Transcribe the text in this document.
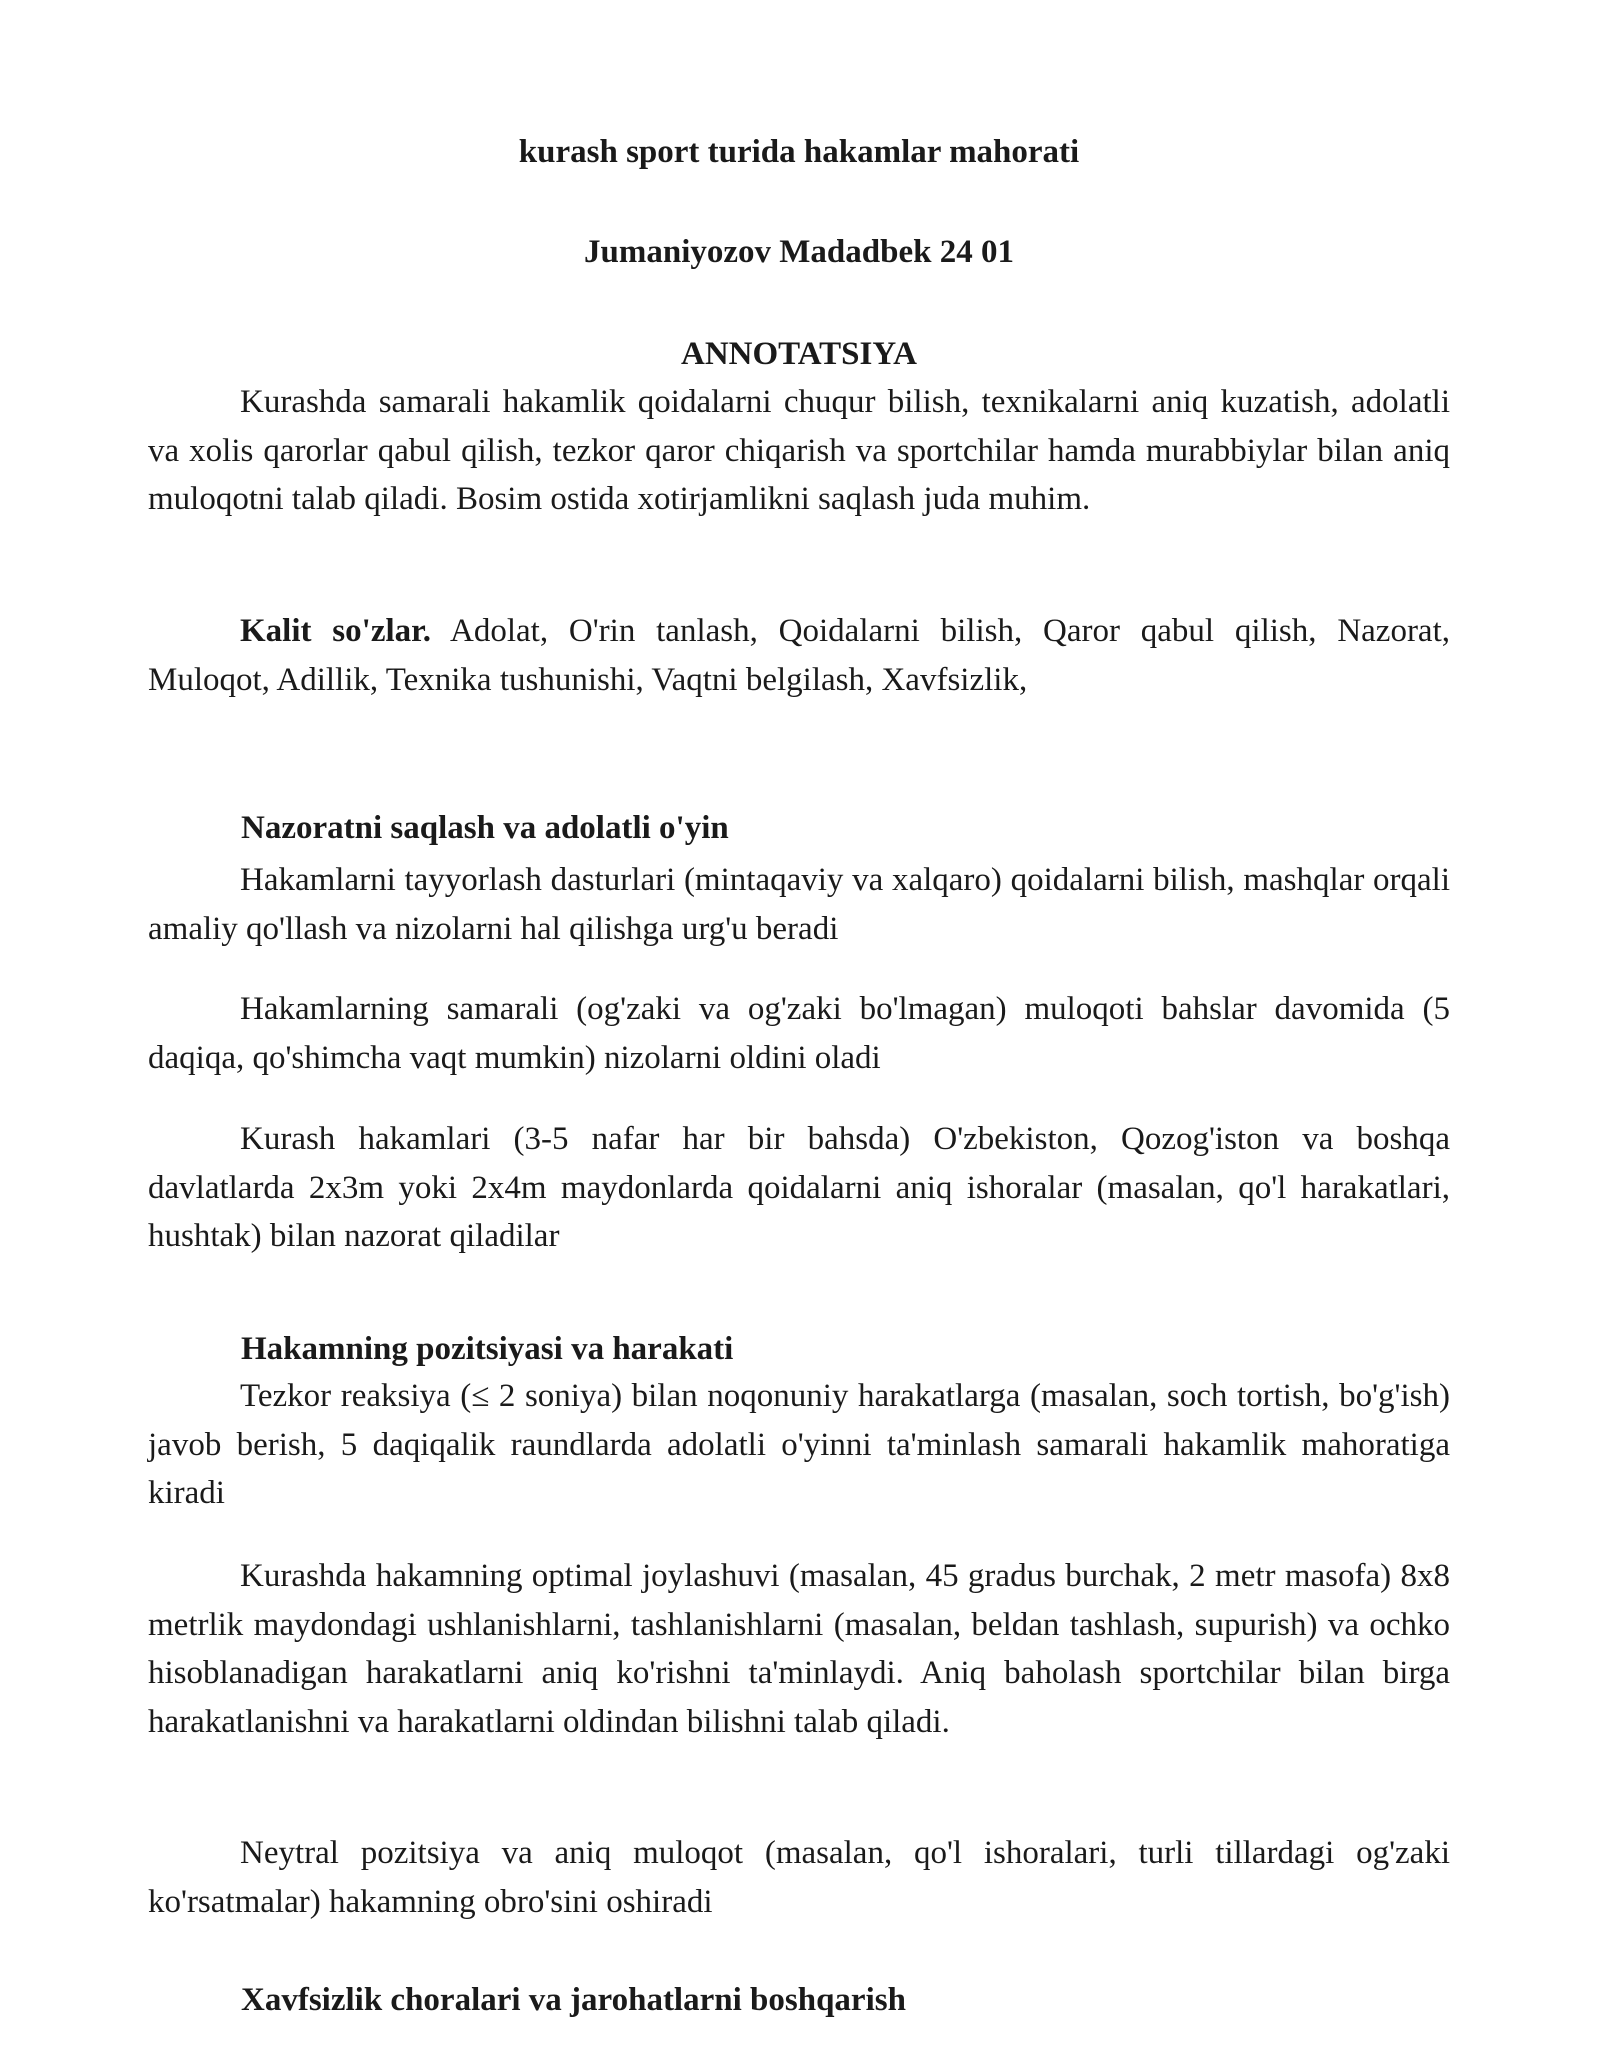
kurash sport turida hakamlar mahorati
Jumaniyozov Madadbek 24 01
ANNOTATSIYA

Kurashda samarali hakamlik qoidalarni chuqur bilish, texnikalarni aniq kuzatish, adolatli va xolis qarorlar qabul qilish, tezkor qaror chiqarish va sportchilar hamda murabbiylar bilan aniq muloqotni talab qiladi. Bosim ostida xotirjamlikni saqlash juda muhim.

Kalit so'zlar. Adolat, O'rin tanlash, Qoidalarni bilish, Qaror qabul qilish, Nazorat, Muloqot, Adillik, Texnika tushunishi, Vaqtni belgilash, Xavfsizlik,

Nazoratni saqlash va adolatli o'yin

Hakamlarni tayyorlash dasturlari (mintaqaviy va xalqaro) qoidalarni bilish, mashqlar orqali amaliy qo'llash va nizolarni hal qilishga urg'u beradi

Hakamlarning samarali (og'zaki va og'zaki bo'lmagan) muloqoti bahslar davomida (5 daqiqa, qo'shimcha vaqt mumkin) nizolarni oldini oladi

Kurash hakamlari (3-5 nafar har bir bahsda) O'zbekiston, Qozog'iston va boshqa davlatlarda 2x3m yoki 2x4m maydonlarda qoidalarni aniq ishoralar (masalan, qo'l harakatlari, hushtak) bilan nazorat qiladilar

Hakamning pozitsiyasi va harakati

Tezkor reaksiya (≤ 2 soniya) bilan noqonuniy harakatlarga (masalan, soch tortish, bo'g'ish) javob berish, 5 daqiqalik raundlarda adolatli o'yinni ta'minlash samarali hakamlik mahoratiga kiradi

Kurashda hakamning optimal joylashuvi (masalan, 45 gradus burchak, 2 metr masofa) 8x8 metrlik maydondagi ushlanishlarni, tashlanishlarni (masalan, beldan tashlash, supurish) va ochko hisoblanadigan harakatlarni aniq ko'rishni ta'minlaydi. Aniq baholash sportchilar bilan birga harakatlanishni va harakatlarni oldindan bilishni talab qiladi.

Neytral pozitsiya va aniq muloqot (masalan, qo'l ishoralari, turli tillardagi og'zaki ko'rsatmalar) hakamning obro'sini oshiradi

Xavfsizlik choralari va jarohatlarni boshqarish
